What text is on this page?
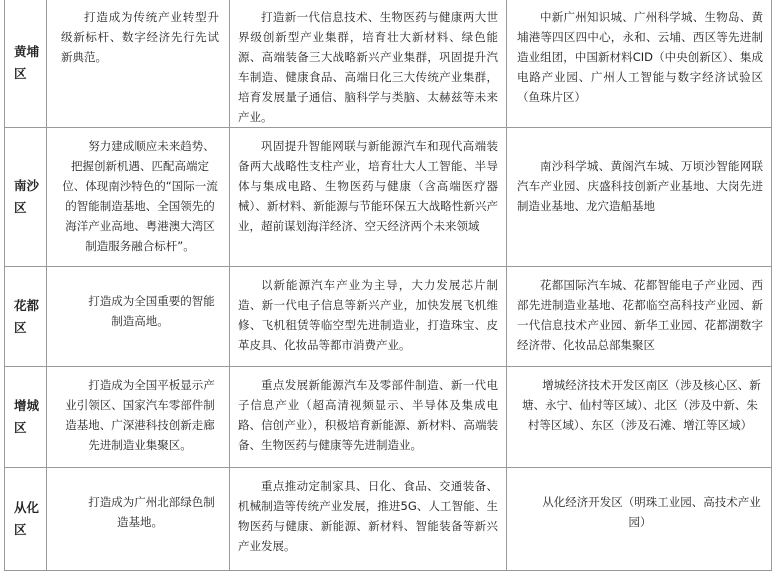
黄埔区	打造成为传统产业转型升级新标杆、数字经济先行先试新典范。	打造新一代信息技术、生物医药与健康两大世界级创新型产业集群，培育壮大新材料、绿色能源、高端装备三大战略新兴产业集群，巩固提升汽车制造、健康食品、高端日化三大传统产业集群，培育发展量子通信、脑科学与类脑、太赫兹等未来产业。	中新广州知识城、广州科学城、生物岛、黄埔港等四区四中心，永和、云埔、西区等先进制造业组团，中国新材料CID（中央创新区）、集成电路产业园、广州人工智能与数字经济试验区（鱼珠片区）

南沙区	努力建成顺应未来趋势、把握创新机遇、匹配高端定位、体现南沙特色的“国际一流的智能制造基地、全国领先的海洋产业高地、粤港澳大湾区制造服务融合标杆”。	巩固提升智能网联与新能源汽车和现代高端装备两大战略性支柱产业，培育壮大人工智能、半导体与集成电路、生物医药与健康（含高端医疗器械）、新材料、新能源与节能环保五大战略性新兴产业，超前谋划海洋经济、空天经济两个未来领域	南沙科学城、黄阁汽车城、万顷沙智能网联汽车产业园、庆盛科技创新产业基地、大岗先进制造业基地、龙穴造船基地

花都区	打造成为全国重要的智能制造高地。	以新能源汽车产业为主导，大力发展芯片制造、新一代电子信息等新兴产业，加快发展飞机维修、飞机租赁等临空型先进制造业，打造珠宝、皮革皮具、化妆品等都市消费产业。	花都国际汽车城、花都智能电子产业园、西部先进制造业基地、花都临空高科技产业园、新一代信息技术产业园、新华工业园、花都湖数字经济带、化妆品总部集聚区

增城区	打造成为全国平板显示产业引领区、国家汽车零部件制造基地、广深港科技创新走廊先进制造业集聚区。	重点发展新能源汽车及零部件制造、新一代电子信息产业（超高清视频显示、半导体及集成电路、信创产业），积极培育新能源、新材料、高端装备、生物医药与健康等先进制造业。	增城经济技术开发区南区（涉及核心区、新塘、永宁、仙村等区域）、北区（涉及中新、朱村等区域）、东区（涉及石滩、增江等区域）

从化区	打造成为广州北部绿色制造基地。	重点推动定制家具、日化、食品、交通装备、机械制造等传统产业发展，推进5G、人工智能、生物医药与健康、新能源、新材料、智能装备等新兴产业发展。	从化经济开发区（明珠工业园、高技术产业园）
